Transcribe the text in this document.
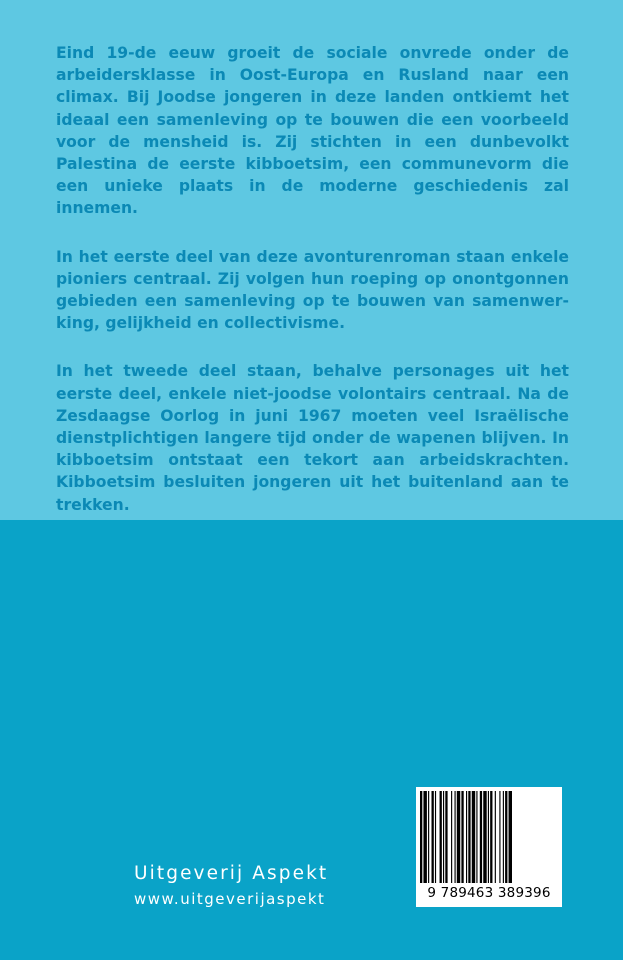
Eind 19-de eeuw groeit de sociale onvrede onder de arbeidersklasse in Oost-Europa en Rusland naar een climax. Bij Joodse jongeren in deze landen ontkiemt het ideaal een samenleving op te bouwen die een voorbeeld voor de mensheid is. Zij stichten in een dunbevolkt Palestina de eerste kibboetsim, een communevorm die een unieke plaats in de moderne geschiedenis zal innemen.

In het eerste deel van deze avonturenroman staan enkele pioniers centraal. Zij volgen hun roeping op onontgonnen gebieden een samenleving op te bouwen van samenwerking, gelijkheid en collectivisme.

In het tweede deel staan, behalve personages uit het eerste deel, enkele niet-joodse volontairs centraal. Na de Zesdaagse Oorlog in juni 1967 moeten veel Israëlische dienstplichtigen langere tijd onder de wapenen blijven. In kibboetsim ontstaat een tekort aan arbeidskrachten. Kibboetsim besluiten jongeren uit het buitenland aan te trekken.

Uitgeverij Aspekt
www.uitgeverijaspekt	9 789463 389396
